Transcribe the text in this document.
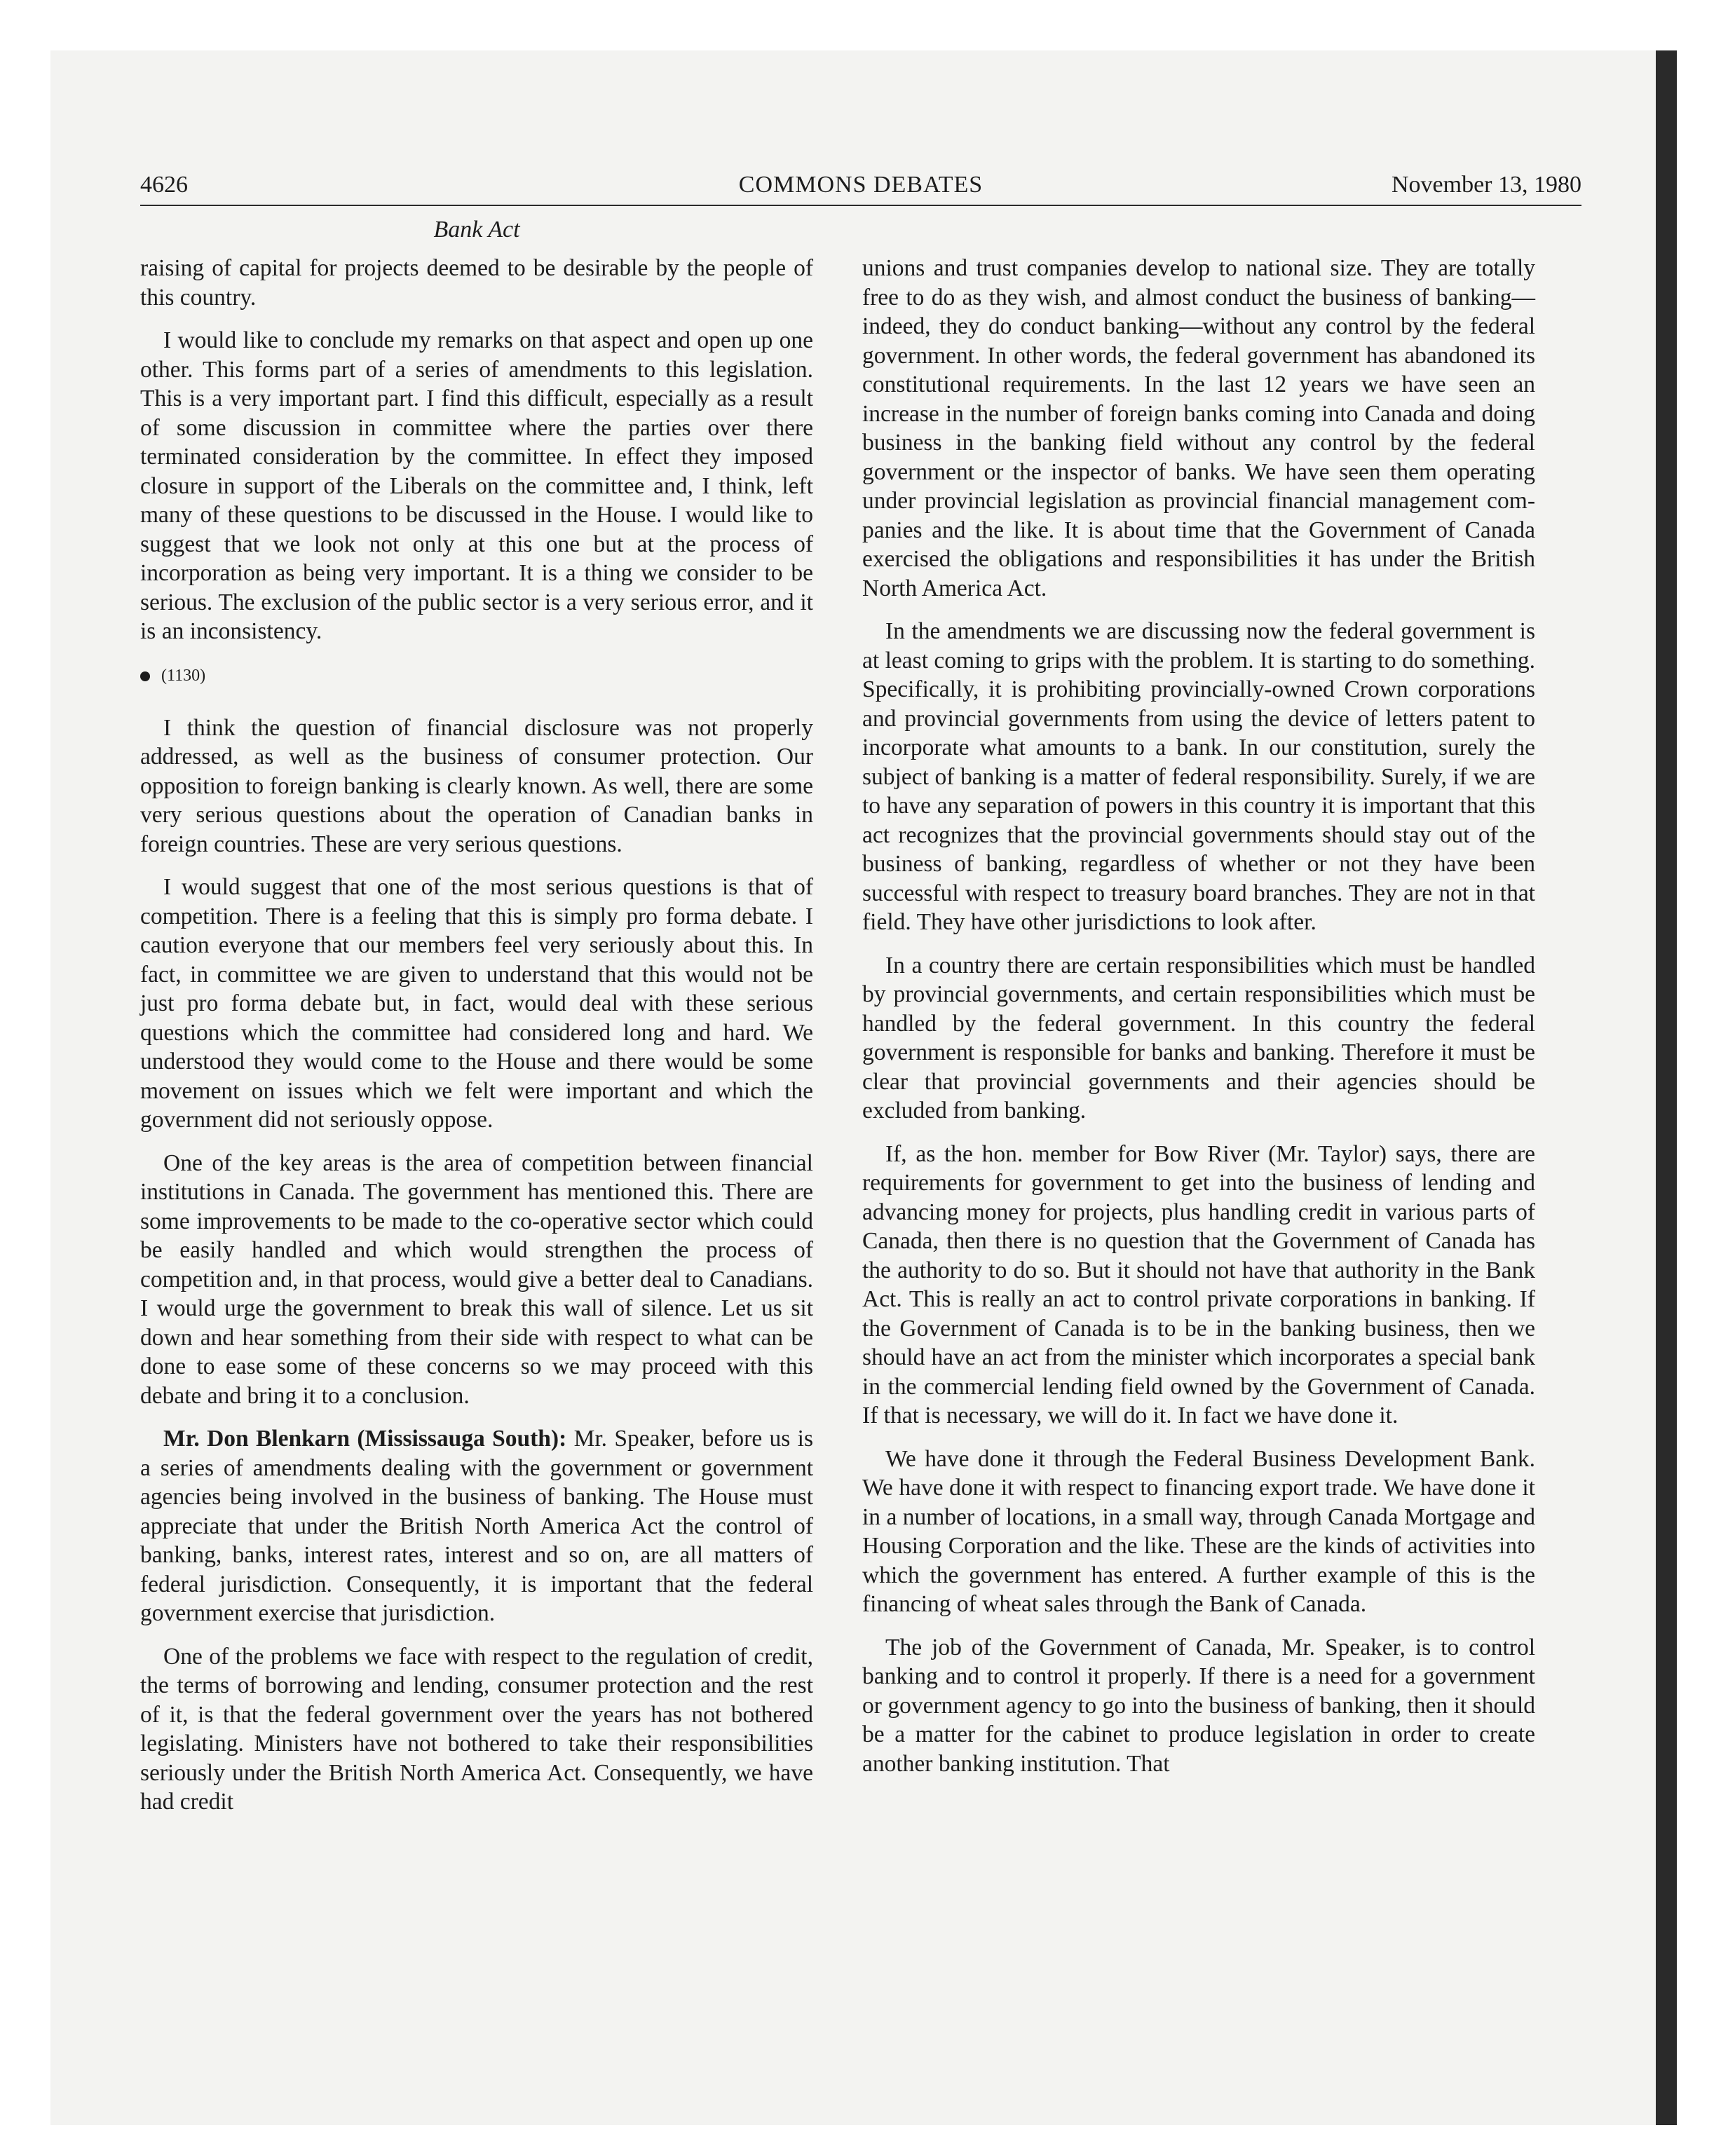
4626	COMMONS DEBATES	November 13, 1980
Bank Act

raising of capital for projects deemed to be desirable by the people of this country.

I would like to conclude my remarks on that aspect and open up one other. This forms part of a series of amendments to this legislation. This is a very important part. I find this difficult, especially as a result of some discussion in committee where the parties over there terminated consideration by the committee. In effect they imposed closure in support of the Liberals on the committee and, I think, left many of these questions to be discussed in the House. I would like to suggest that we look not only at this one but at the process of incorporation as being very important. It is a thing we consider to be serious. The exclusion of the public sector is a very serious error, and it is an inconsistency.

(1130)

I think the question of financial disclosure was not properly addressed, as well as the business of consumer protection. Our opposition to foreign banking is clearly known. As well, there are some very serious questions about the operation of Canadian banks in foreign countries. These are very serious questions.

I would suggest that one of the most serious questions is that of competition. There is a feeling that this is simply pro forma debate. I caution everyone that our members feel very seriously about this. In fact, in committee we are given to understand that this would not be just pro forma debate but, in fact, would deal with these serious questions which the committee had considered long and hard. We understood they would come to the House and there would be some movement on issues which we felt were important and which the government did not seriously oppose.

One of the key areas is the area of competition between financial institutions in Canada. The government has mentioned this. There are some improvements to be made to the co-operative sector which could be easily handled and which would strengthen the process of competition and, in that process, would give a better deal to Canadians. I would urge the government to break this wall of silence. Let us sit down and hear something from their side with respect to what can be done to ease some of these concerns so we may proceed with this debate and bring it to a conclusion.

Mr. Don Blenkarn (Mississauga South): Mr. Speaker, before us is a series of amendments dealing with the government or government agencies being involved in the business of banking. The House must appreciate that under the British North America Act the control of banking, banks, interest rates, interest and so on, are all matters of federal jurisdiction. Consequently, it is important that the federal government exercise that jurisdiction.

One of the problems we face with respect to the regulation of credit, the terms of borrowing and lending, consumer protection and the rest of it, is that the federal government over the years has not bothered legislating. Ministers have not bothered to take their responsibilities seriously under the British North America Act. Consequently, we have had credit

unions and trust companies develop to national size. They are totally free to do as they wish, and almost conduct the business of banking—indeed, they do conduct banking—without any control by the federal government. In other words, the federal government has abandoned its constitutional requirements. In the last 12 years we have seen an increase in the number of foreign banks coming into Canada and doing business in the banking field without any control by the federal government or the inspector of banks. We have seen them operating under provincial legislation as provincial financial management companies and the like. It is about time that the Government of Canada exercised the obligations and responsibilities it has under the British North America Act.

In the amendments we are discussing now the federal government is at least coming to grips with the problem. It is starting to do something. Specifically, it is prohibiting provincially-owned Crown corporations and provincial governments from using the device of letters patent to incorporate what amounts to a bank. In our constitution, surely the subject of banking is a matter of federal responsibility. Surely, if we are to have any separation of powers in this country it is important that this act recognizes that the provincial governments should stay out of the business of banking, regardless of whether or not they have been successful with respect to treasury board branches. They are not in that field. They have other jurisdictions to look after.

In a country there are certain responsibilities which must be handled by provincial governments, and certain responsibilities which must be handled by the federal government. In this country the federal government is responsible for banks and banking. Therefore it must be clear that provincial governments and their agencies should be excluded from banking.

If, as the hon. member for Bow River (Mr. Taylor) says, there are requirements for government to get into the business of lending and advancing money for projects, plus handling credit in various parts of Canada, then there is no question that the Government of Canada has the authority to do so. But it should not have that authority in the Bank Act. This is really an act to control private corporations in banking. If the Government of Canada is to be in the banking business, then we should have an act from the minister which incorporates a special bank in the commercial lending field owned by the Government of Canada. If that is necessary, we will do it. In fact we have done it.

We have done it through the Federal Business Development Bank. We have done it with respect to financing export trade. We have done it in a number of locations, in a small way, through Canada Mortgage and Housing Corporation and the like. These are the kinds of activities into which the government has entered. A further example of this is the financing of wheat sales through the Bank of Canada.

The job of the Government of Canada, Mr. Speaker, is to control banking and to control it properly. If there is a need for a government or government agency to go into the business of banking, then it should be a matter for the cabinet to produce legislation in order to create another banking institution. That
